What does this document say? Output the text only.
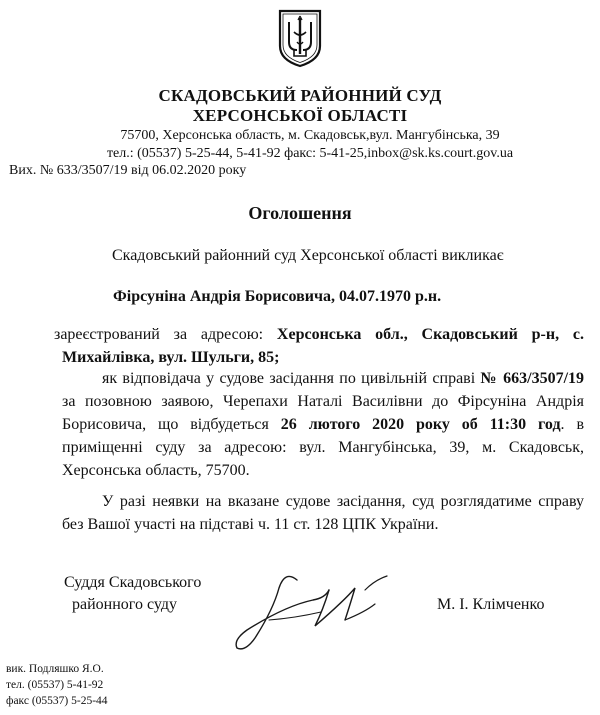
СКАДОВСЬКИЙ РАЙОННИЙ СУД
ХЕРСОНСЬКОЇ ОБЛАСТІ
75700, Херсонська область, м. Скадовськ,вул. Мангубінська, 39
тел.: (05537) 5-25-44, 5-41-92 факс: 5-41-25,inbox@sk.ks.court.gov.ua
Вих. № 633/3507/19 від 06.02.2020 року
Оголошення
Скадовський районний суд Херсонської області викликає
Фірсуніна Андрія Борисовича, 04.07.1970 р.н.
зареєстрований за адресою: Херсонська обл., Скадовський р-н, с. Михайлівка, вул. Шульги, 85;
як відповідача у судове засідання по цивільній справі № 663/3507/19 за позовною заявою, Черепахи Наталі Василівни до Фірсуніна Андрія Борисовича, що відбудеться 26 лютого 2020 року об 11:30 год. в приміщенні суду за адресою: вул. Мангубінська, 39, м. Скадовськ, Херсонська область, 75700.
У разі неявки на вказане судове засідання, суд розглядатиме справу без Вашої участі на підставі ч. 11 ст. 128 ЦПК України.
Суддя Скадовського
районного суду	М. І. Клімченко
вик. Подляшко Я.О.
тел. (05537) 5-41-92
факс (05537) 5-25-44
